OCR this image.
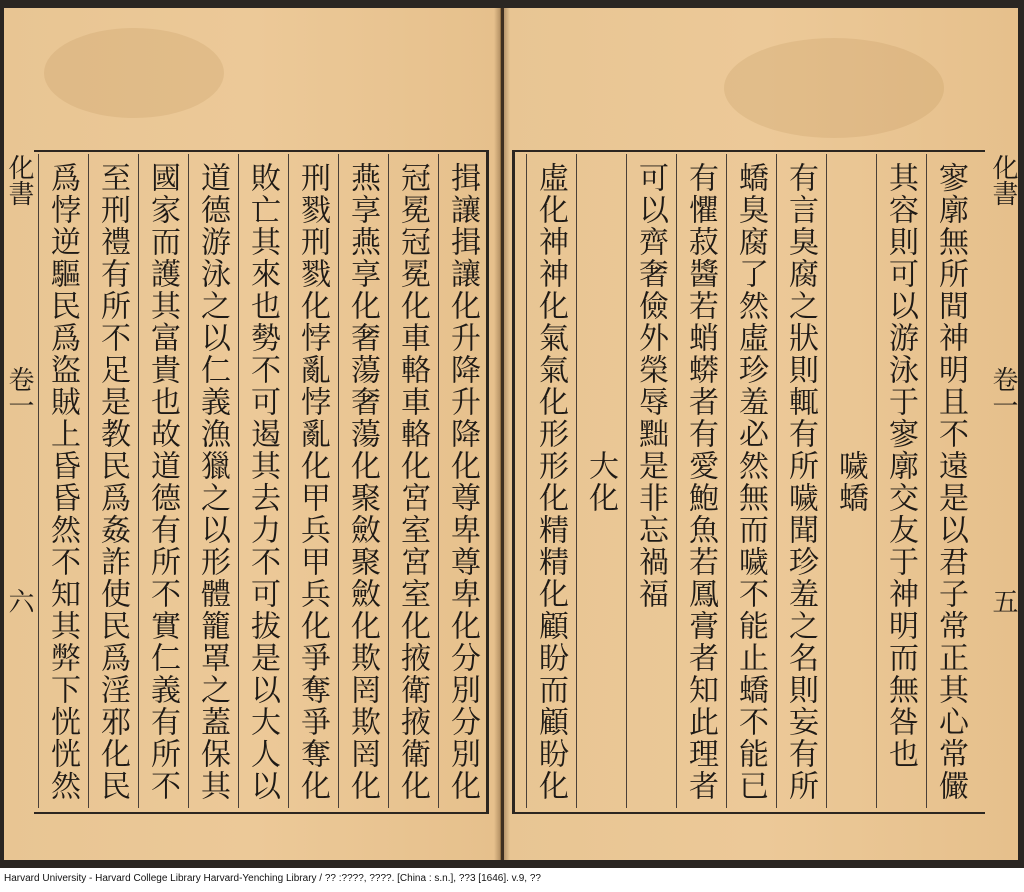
化書  卷一  六	揖讓揖讓化升降升降化尊卑尊卑化分別分別化
冠冕冠冕化車輅車輅化宮室宮室化掖衛掖衛化
燕享燕享化奢蕩奢蕩化聚斂聚斂化欺罔欺罔化
刑戮刑戮化悖亂悖亂化甲兵甲兵化爭奪爭奪化
敗亡其來也勢不可遏其去力不可拔是以大人以
道德游泳之以仁義漁獵之以形體籠罩之蓋保其
國家而護其富貴也故道德有所不實仁義有所不
至刑禮有所不足是教民爲姦詐使民爲淫邪化民
爲悖逆驅民爲盜賊上昏昏然不知其弊下恍恍然	化書  卷一  五
寥廓無所間神明且不遠是以君子常正其心常儼
其容則可以游泳于寥廓交友于神明而無咎也
　　　　　　　　　噦蟜
有言臭腐之狀則輒有所噦聞珍羞之名則妄有所
蟜臭腐了然虛珍羞必然無而噦不能止蟜不能已
有懼菽醬若蛸蟒者有愛鮑魚若鳳膏者知此理者
可以齊奢儉外榮辱黜是非忘禍福
　　　　　　　　　大化
虛化神神化氣氣化形形化精精化顧盼而顧盼化
Harvard University - Harvard College Library Harvard-Yenching Library / ?? :????, ????. [China : s.n.], ??3 [1646]. v.9, ??
